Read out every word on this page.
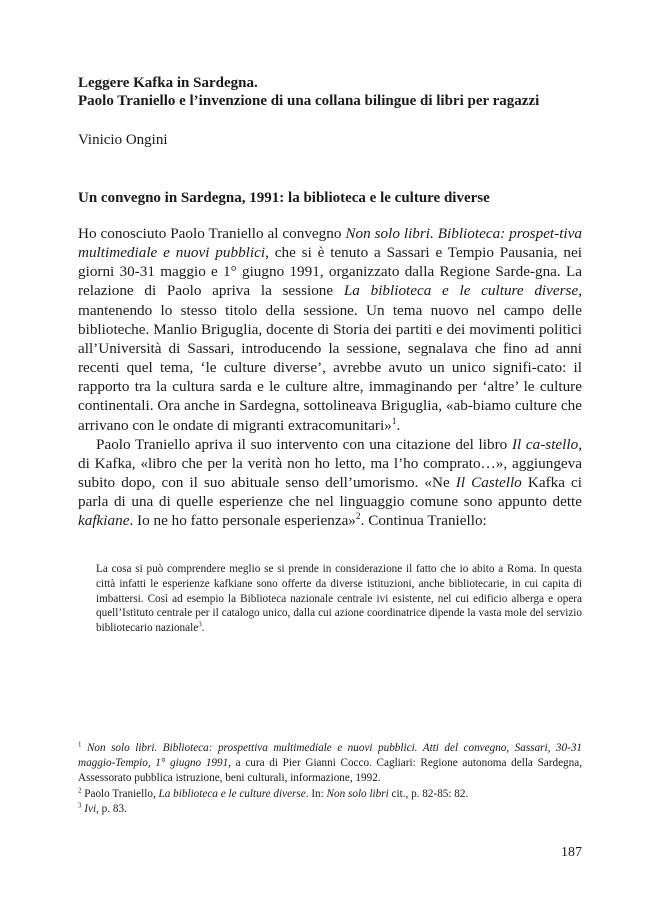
Leggere Kafka in Sardegna.
Paolo Traniello e l’invenzione di una collana bilingue di libri per ragazzi
Vinicio Ongini
Un convegno in Sardegna, 1991: la biblioteca e le culture diverse

Ho conosciuto Paolo Traniello al convegno Non solo libri. Biblioteca: prospet-tiva multimediale e nuovi pubblici, che si è tenuto a Sassari e Tempio Pausania, nei giorni 30-31 maggio e 1° giugno 1991, organizzato dalla Regione Sarde-gna. La relazione di Paolo apriva la sessione La biblioteca e le culture diverse, mantenendo lo stesso titolo della sessione. Un tema nuovo nel campo delle biblioteche. Manlio Briguglia, docente di Storia dei partiti e dei movimenti politici all’Università di Sassari, introducendo la sessione, segnalava che fino ad anni recenti quel tema, ‘le culture diverse’, avrebbe avuto un unico signifi-cato: il rapporto tra la cultura sarda e le culture altre, immaginando per ‘altre’ le culture continentali. Ora anche in Sardegna, sottolineava Briguglia, «ab-biamo culture che arrivano con le ondate di migranti extracomunitari»$^1$.

Paolo Traniello apriva il suo intervento con una citazione del libro Il ca-stello, di Kafka, «libro che per la verità non ho letto, ma l’ho comprato…», aggiungeva subito dopo, con il suo abituale senso dell’umorismo. «Ne Il Castello Kafka ci parla di una di quelle esperienze che nel linguaggio comune sono appunto dette kafkiane. Io ne ho fatto personale esperienza»$^2$. Continua Traniello:

La cosa si può comprendere meglio se si prende in considerazione il fatto che io abito a Roma. In questa città infatti le esperienze kafkiane sono offerte da diverse istituzioni, anche bibliotecarie, in cui capita di imbattersi. Così ad esempio la Biblioteca nazionale centrale ivi esistente, nel cui edificio alberga e opera quell’Istituto centrale per il catalogo unico, dalla cui azione coordinatrice dipende la vasta mole del servizio bibliotecario nazionale$^3$.
$^1$ Non solo libri. Biblioteca: prospettiva multimediale e nuovi pubblici. Atti del convegno, Sassari, 30-31 maggio-Tempio, 1° giugno 1991, a cura di Pier Gianni Cocco. Cagliari: Regione autonoma della Sardegna, Assessorato pubblica istruzione, beni culturali, informazione, 1992.
$^2$ Paolo Traniello, La biblioteca e le culture diverse. In: Non solo libri cit., p. 82-85: 82.
$^3$ Ivi, p. 83.
187
